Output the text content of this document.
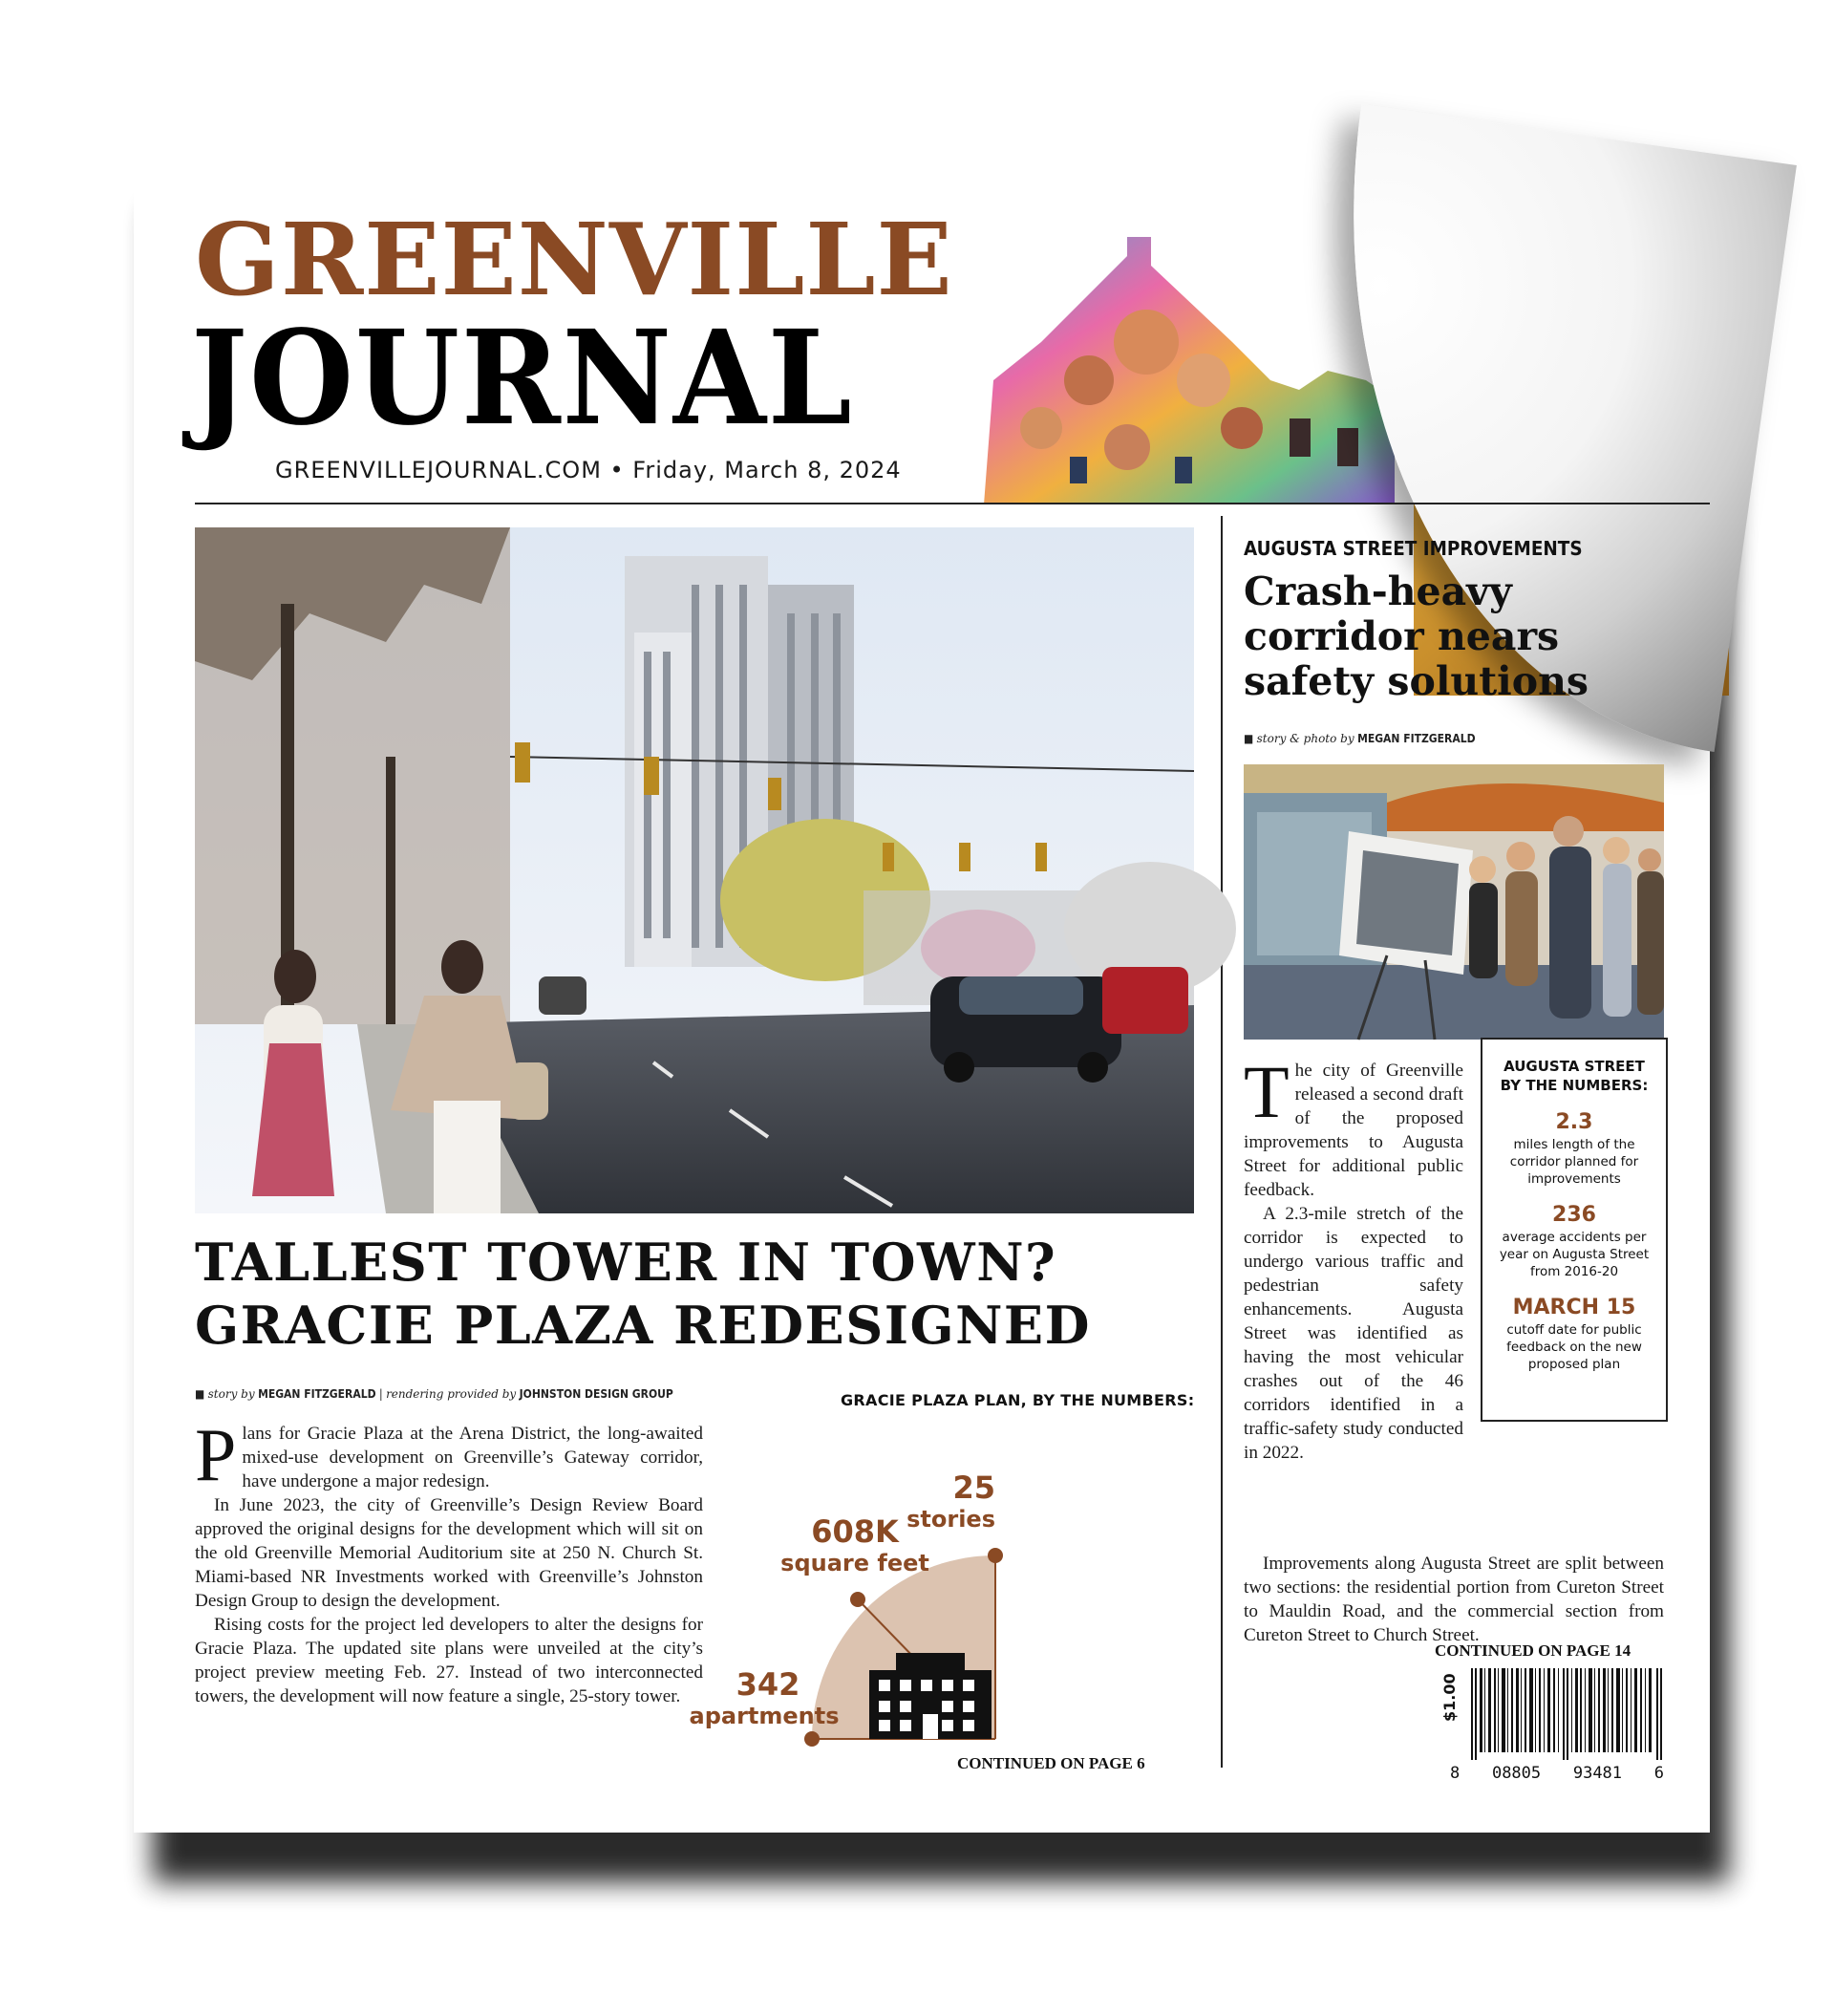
GREENVILLE
JOURNAL
GREENVILLEJOURNAL.COM • Friday, March 8, 2024
TALLEST TOWER IN TOWN?
GRACIE PLAZA REDESIGNED
■ story by MEGAN FITZGERALD | rendering provided by JOHNSTON DESIGN GROUP

Plans for Gracie Plaza at the Arena District, the long-awaited mixed-use development on Greenville’s Gateway corridor, have undergone a major redesign.

In June 2023, the city of Greenville’s Design Review Board approved the original designs for the development which will sit on the old Greenville Memorial Auditorium site at 250 N. Church St. Miami-based NR Investments worked with Greenville’s Johnston Design Group to design the development.

Rising costs for the project led developers to alter the designs for Gracie Plaza. The updated site plans were unveiled at the city’s project preview meeting Feb. 27. Instead of two interconnected towers, the development will now feature a single, 25-story tower.

GRACIE PLAZA PLAN, BY THE NUMBERS:
25
stories
608K
square feet
342
apartments
CONTINUED ON PAGE 6
AUGUSTA STREET IMPROVEMENTS
Crash-heavy
corridor nears
safety solutions
■ story & photo by MEGAN FITZGERALD

The city of Greenville released a second draft of the proposed improvements to Augusta Street for additional public feedback.

A 2.3-mile stretch of the corridor is expected to undergo various traffic and pedestrian safety enhancements. Augusta Street was identified as having the most vehicular crashes out of the 46 corridors identified in a traffic-safety study conducted in 2022.

Improvements along Augusta Street are split between two sections: the residential portion from Cureton Street to Mauldin Road, and the commercial section from Cureton Street to Church Street.

AUGUSTA STREET
BY THE NUMBERS:
2.3
miles length of the corridor planned for improvements
236
average accidents per year on Augusta Street from 2016-20
MARCH 15
cutoff date for public feedback on the new proposed plan
CONTINUED ON PAGE 14
$1.00
8 08805 93481 6
